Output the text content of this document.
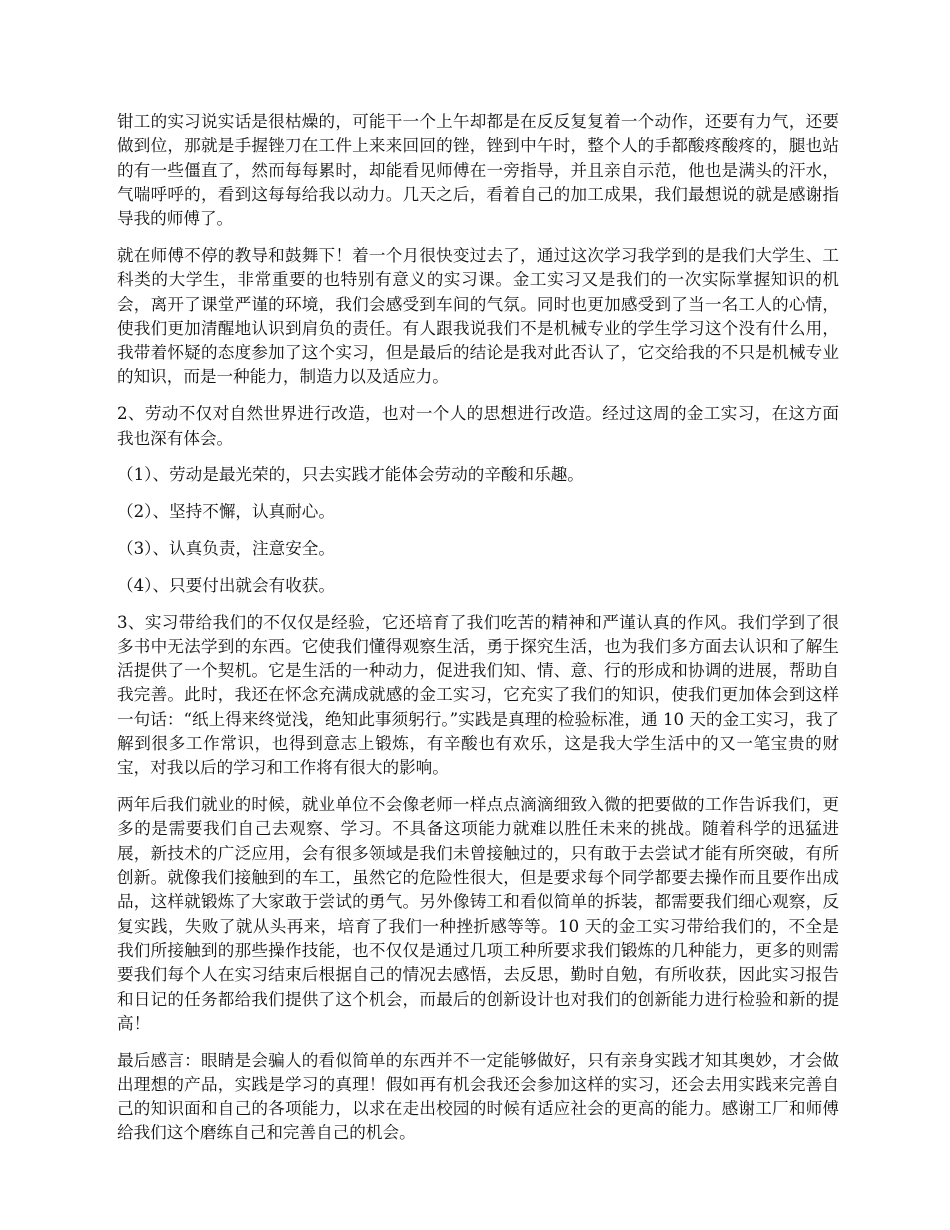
钳工的实习说实话是很枯燥的，可能干一个上午却都是在反反复复着一个动作，还要有力气，还要做到位，那就是手握锉刀在工件上来来回回的锉，锉到中午时，整个人的手都酸疼酸疼的，腿也站的有一些僵直了，然而每每累时，却能看见师傅在一旁指导，并且亲自示范，他也是满头的汗水，气喘呼呼的，看到这每每给我以动力。几天之后，看着自己的加工成果，我们最想说的就是感谢指导我的师傅了。

就在师傅不停的教导和鼓舞下！着一个月很快变过去了，通过这次学习我学到的是我们大学生、工科类的大学生，非常重要的也特别有意义的实习课。金工实习又是我们的一次实际掌握知识的机会，离开了课堂严谨的环境，我们会感受到车间的气氛。同时也更加感受到了当一名工人的心情，使我们更加清醒地认识到肩负的责任。有人跟我说我们不是机械专业的学生学习这个没有什么用，我带着怀疑的态度参加了这个实习，但是最后的结论是我对此否认了，它交给我的不只是机械专业的知识，而是一种能力，制造力以及适应力。

2、劳动不仅对自然世界进行改造，也对一个人的思想进行改造。经过这周的金工实习，在这方面我也深有体会。

（1）、劳动是最光荣的，只去实践才能体会劳动的辛酸和乐趣。

（2）、坚持不懈，认真耐心。

（3）、认真负责，注意安全。

（4）、只要付出就会有收获。

3、实习带给我们的不仅仅是经验，它还培育了我们吃苦的精神和严谨认真的作风。我们学到了很多书中无法学到的东西。它使我们懂得观察生活，勇于探究生活，也为我们多方面去认识和了解生活提供了一个契机。它是生活的一种动力，促进我们知、情、意、行的形成和协调的进展，帮助自我完善。此时，我还在怀念充满成就感的金工实习，它充实了我们的知识，使我们更加体会到这样一句话：“纸上得来终觉浅，绝知此事须躬行。”实践是真理的检验标准，通 10 天的金工实习，我了解到很多工作常识，也得到意志上锻炼，有辛酸也有欢乐，这是我大学生活中的又一笔宝贵的财宝，对我以后的学习和工作将有很大的影响。

两年后我们就业的时候，就业单位不会像老师一样点点滴滴细致入微的把要做的工作告诉我们，更多的是需要我们自己去观察、学习。不具备这项能力就难以胜任未来的挑战。随着科学的迅猛进展，新技术的广泛应用，会有很多领域是我们未曾接触过的，只有敢于去尝试才能有所突破，有所创新。就像我们接触到的车工，虽然它的危险性很大，但是要求每个同学都要去操作而且要作出成品，这样就锻炼了大家敢于尝试的勇气。另外像铸工和看似简单的拆装，都需要我们细心观察，反复实践，失败了就从头再来，培育了我们一种挫折感等等。10 天的金工实习带给我们的，不全是我们所接触到的那些操作技能，也不仅仅是通过几项工种所要求我们锻炼的几种能力，更多的则需要我们每个人在实习结束后根据自己的情况去感悟，去反思，勤时自勉，有所收获，因此实习报告和日记的任务都给我们提供了这个机会，而最后的创新设计也对我们的创新能力进行检验和新的提高！

最后感言：眼睛是会骗人的看似简单的东西并不一定能够做好，只有亲身实践才知其奥妙，才会做出理想的产品，实践是学习的真理！假如再有机会我还会参加这样的实习，还会去用实践来完善自己的知识面和自己的各项能力，以求在走出校园的时候有适应社会的更高的能力。感谢工厂和师傅给我们这个磨练自己和完善自己的机会。
